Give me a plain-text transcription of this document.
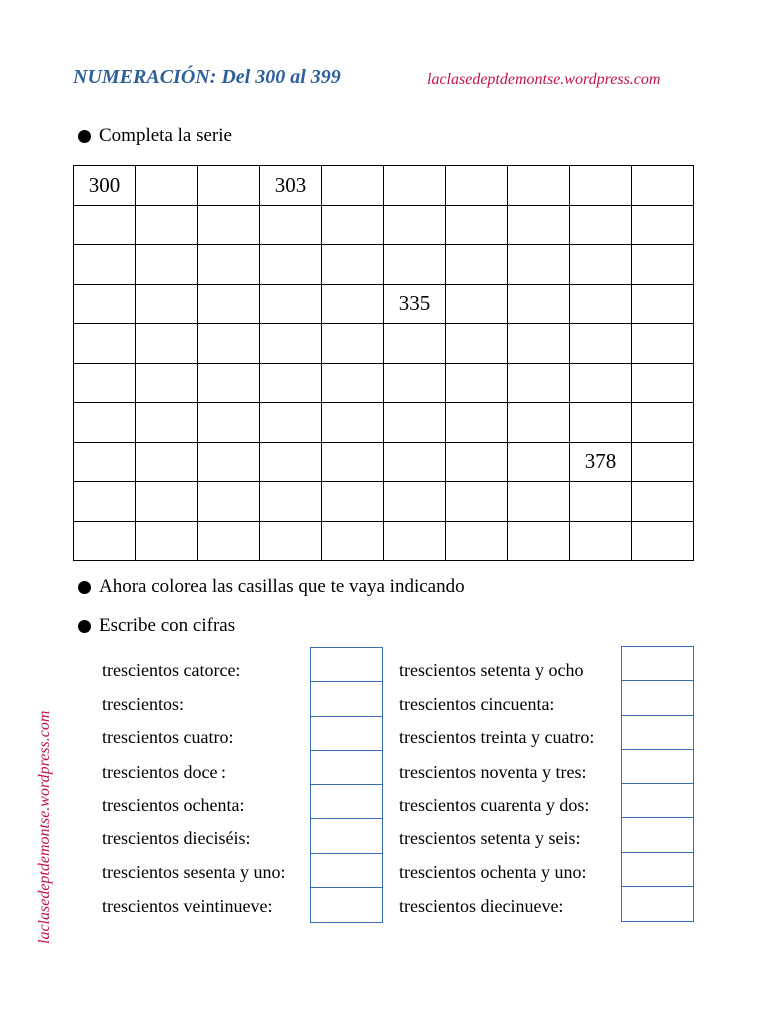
NUMERACIÓN: Del 300 al 399	laclasedeptdemontse.wordpress.com
laclasedeptdemontse.wordpress.com
Completa la serie
300			303						

					335				

								378	

Ahora colorea las casillas que te vaya indicando
Escribe con cifras
trescientos catorce:
trescientos:
trescientos cuatro:
trescientos doce :
trescientos ochenta:
trescientos dieciséis:
trescientos sesenta y uno:
trescientos veintinueve:
trescientos setenta y ocho
trescientos cincuenta:
trescientos treinta y cuatro:
trescientos noventa y tres:
trescientos cuarenta y dos:
trescientos setenta y seis:
trescientos ochenta y uno:
trescientos diecinueve:
